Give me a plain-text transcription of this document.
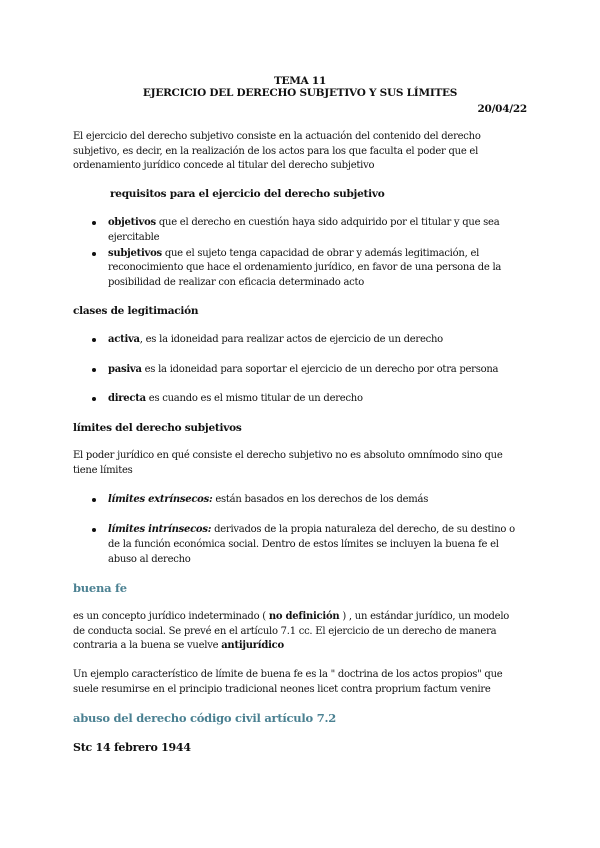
TEMA 11
EJERCICIO DEL DERECHO SUBJETIVO Y SUS LÍMITES
20/04/22
El ejercicio del derecho subjetivo consiste en la actuación del contenido del derecho
subjetivo, es decir, en la realización de los actos para los que faculta el poder que el
ordenamiento jurídico concede al titular del derecho subjetivo
requisitos para el ejercicio del derecho subjetivo
objetivos que el derecho en cuestión haya sido adquirido por el titular y que sea
ejercitable
subjetivos que el sujeto tenga capacidad de obrar y además legitimación, el
reconocimiento que hace el ordenamiento jurídico, en favor de una persona de la
posibilidad de realizar con eficacia determinado acto
clases de legitimación
activa, es la idoneidad para realizar actos de ejercicio de un derecho
pasiva es la idoneidad para soportar el ejercicio de un derecho por otra persona
directa es cuando es el mismo titular de un derecho
límites del derecho subjetivos
El poder jurídico en qué consiste el derecho subjetivo no es absoluto omnímodo sino que
tiene límites
límites extrínsecos: están basados en los derechos de los demás
límites intrínsecos: derivados de la propia naturaleza del derecho, de su destino o
de la función económica social. Dentro de estos límites se incluyen la buena fe el
abuso al derecho
buena fe
es un concepto jurídico indeterminado ( no definición ) , un estándar jurídico, un modelo
de conducta social. Se prevé en el artículo 7.1 cc. El ejercicio de un derecho de manera
contraria a la buena se vuelve antijurídico
Un ejemplo característico de límite de buena fe es la " doctrina de los actos propios" que
suele resumirse en el principio tradicional neones licet contra proprium factum venire
abuso del derecho código civil artículo 7.2
Stc 14 febrero 1944
